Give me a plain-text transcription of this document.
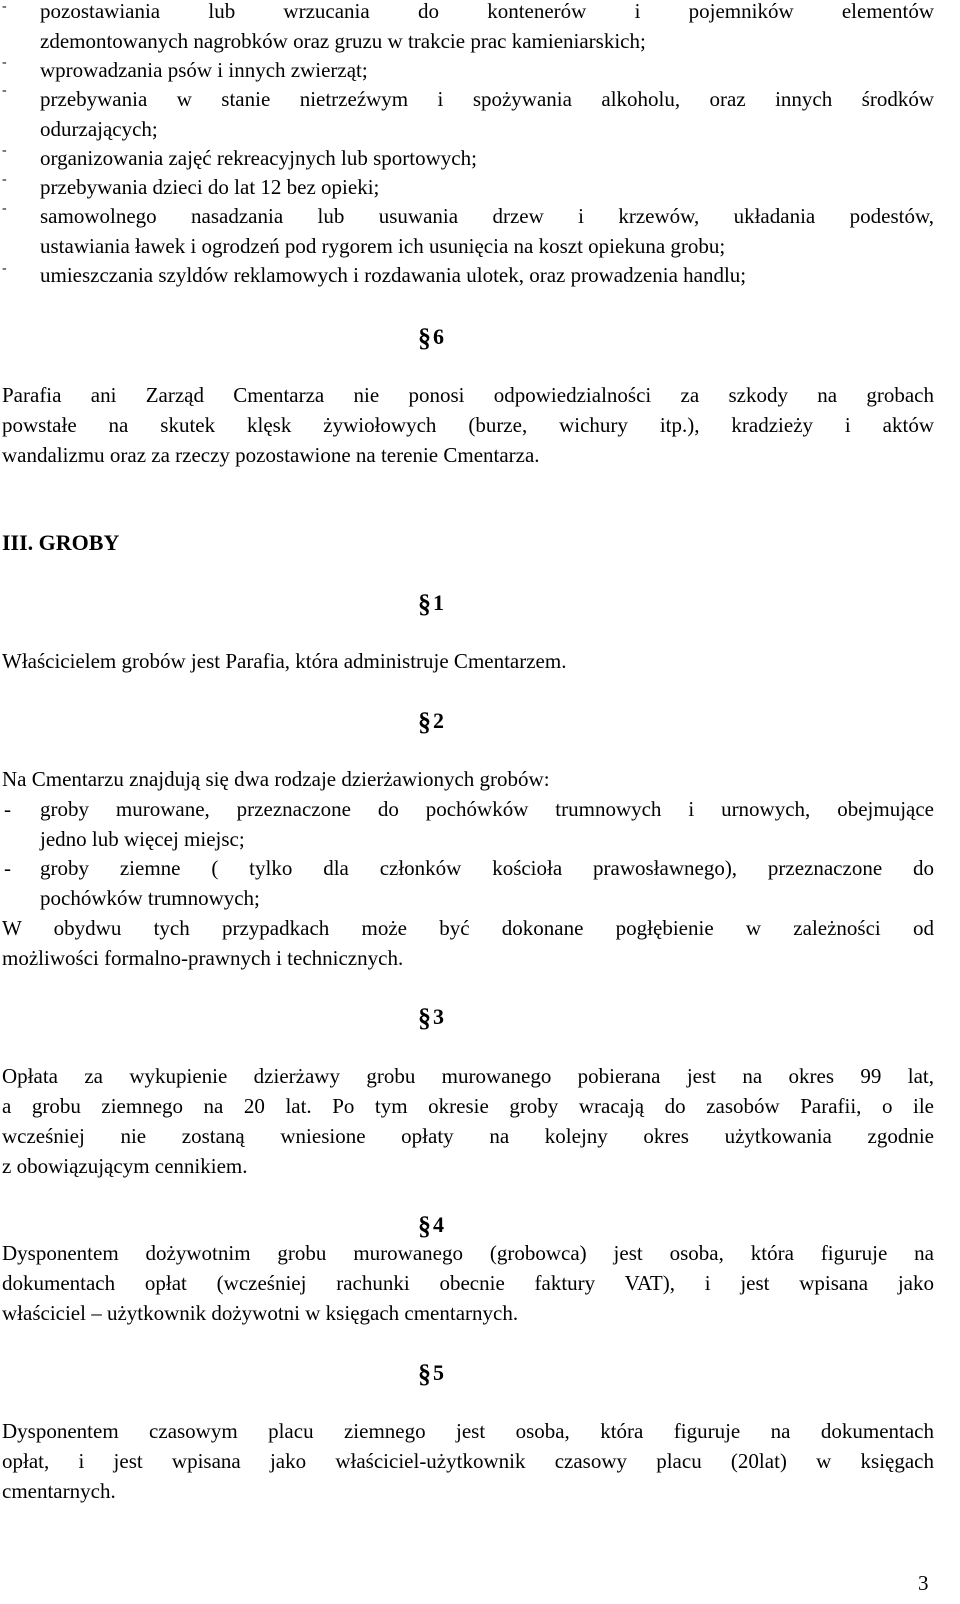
- pozostawiania lub wrzucania do kontenerów i pojemników elementów
zdemontowanych nagrobków oraz gruzu w trakcie prac kamieniarskich;
- wprowadzania psów i innych zwierząt;
- przebywania w stanie nietrzeźwym i spożywania alkoholu, oraz innych środków
odurzających;
- organizowania zajęć rekreacyjnych lub sportowych;
- przebywania dzieci do lat 12 bez opieki;
- samowolnego nasadzania lub usuwania drzew i krzewów, układania podestów,
ustawiania ławek i ogrodzeń pod rygorem ich usunięcia na koszt opiekuna grobu;
- umieszczania szyldów reklamowych i rozdawania ulotek, oraz prowadzenia handlu;
§6
Parafia ani Zarząd Cmentarza nie ponosi odpowiedzialności za szkody na grobach
powstałe na skutek klęsk żywiołowych (burze, wichury itp.), kradzieży i aktów
wandalizmu oraz za rzeczy pozostawione na terenie Cmentarza.
III. GROBY
§1
Właścicielem grobów jest Parafia, która administruje Cmentarzem.
§2
Na Cmentarzu znajdują się dwa rodzaje dzierżawionych grobów:
- groby murowane, przeznaczone do pochówków trumnowych i urnowych, obejmujące
jedno lub więcej miejsc;
- groby ziemne ( tylko dla członków kościoła prawosławnego), przeznaczone do
pochówków trumnowych;
W obydwu tych przypadkach może być dokonane pogłębienie w zależności od
możliwości formalno-prawnych i technicznych.
§3
Opłata za wykupienie dzierżawy grobu murowanego pobierana jest na okres 99 lat,
a grobu ziemnego na 20 lat. Po tym okresie groby wracają do zasobów Parafii, o ile
wcześniej nie zostaną wniesione opłaty na kolejny okres użytkowania zgodnie
z obowiązującym cennikiem.
§4
Dysponentem dożywotnim grobu murowanego (grobowca) jest osoba, która figuruje na
dokumentach opłat (wcześniej rachunki obecnie faktury VAT), i jest wpisana jako
właściciel – użytkownik dożywotni w księgach cmentarnych.
§5
Dysponentem czasowym placu ziemnego jest osoba, która figuruje na dokumentach
opłat, i jest wpisana jako właściciel-użytkownik czasowy placu (20lat) w księgach
cmentarnych.
3
